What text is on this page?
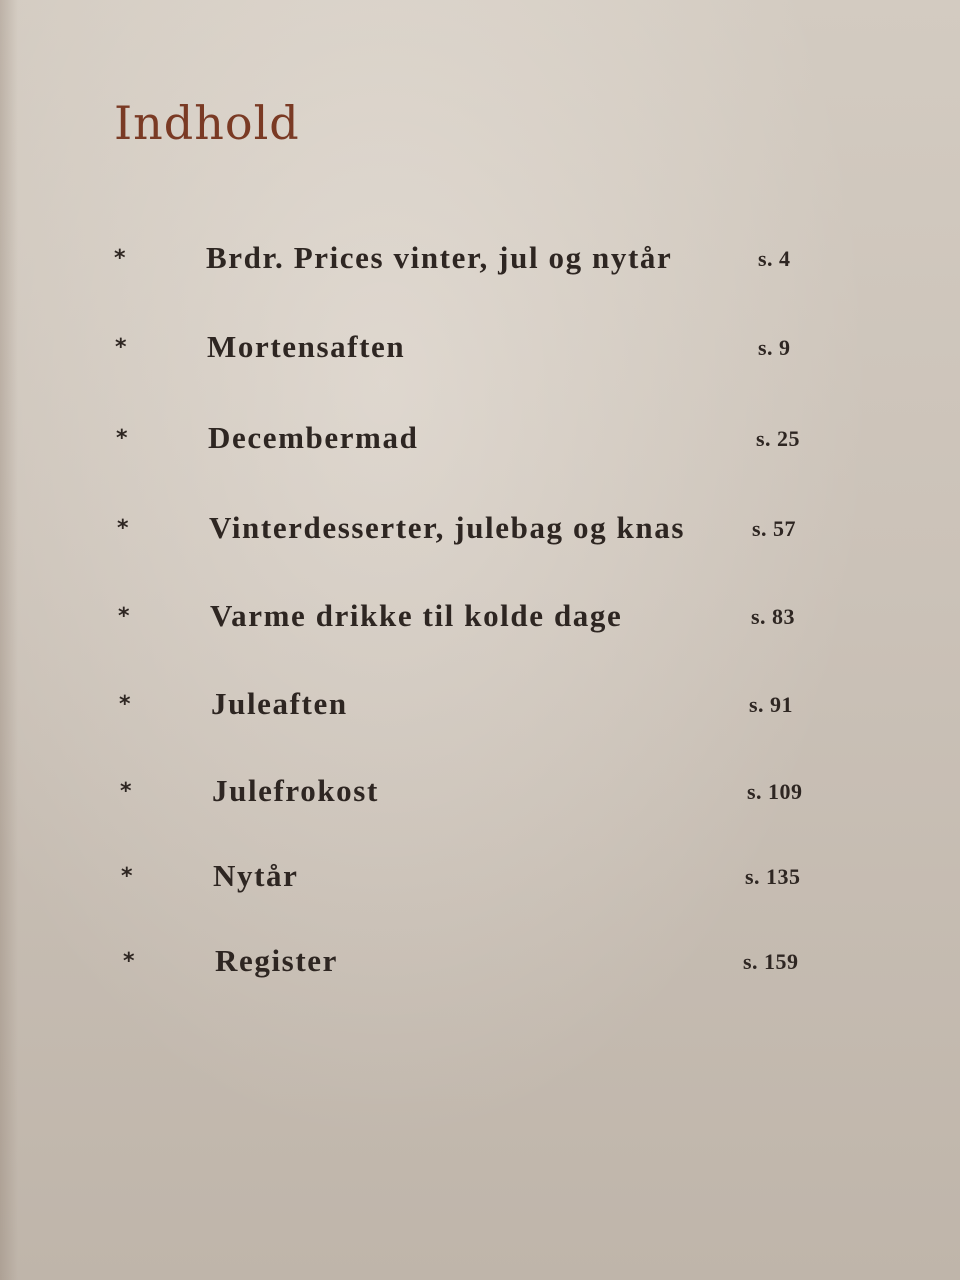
Indhold
*	Brdr. Prices vinter, jul og nytår	s. 4
*	Mortensaften	s. 9
*	Decembermad	s. 25
*	Vinterdesserter, julebag og knas	s. 57
*	Varme drikke til kolde dage	s. 83
*	Juleaften	s. 91
*	Julefrokost	s. 109
*	Nytår	s. 135
*	Register	s. 159
